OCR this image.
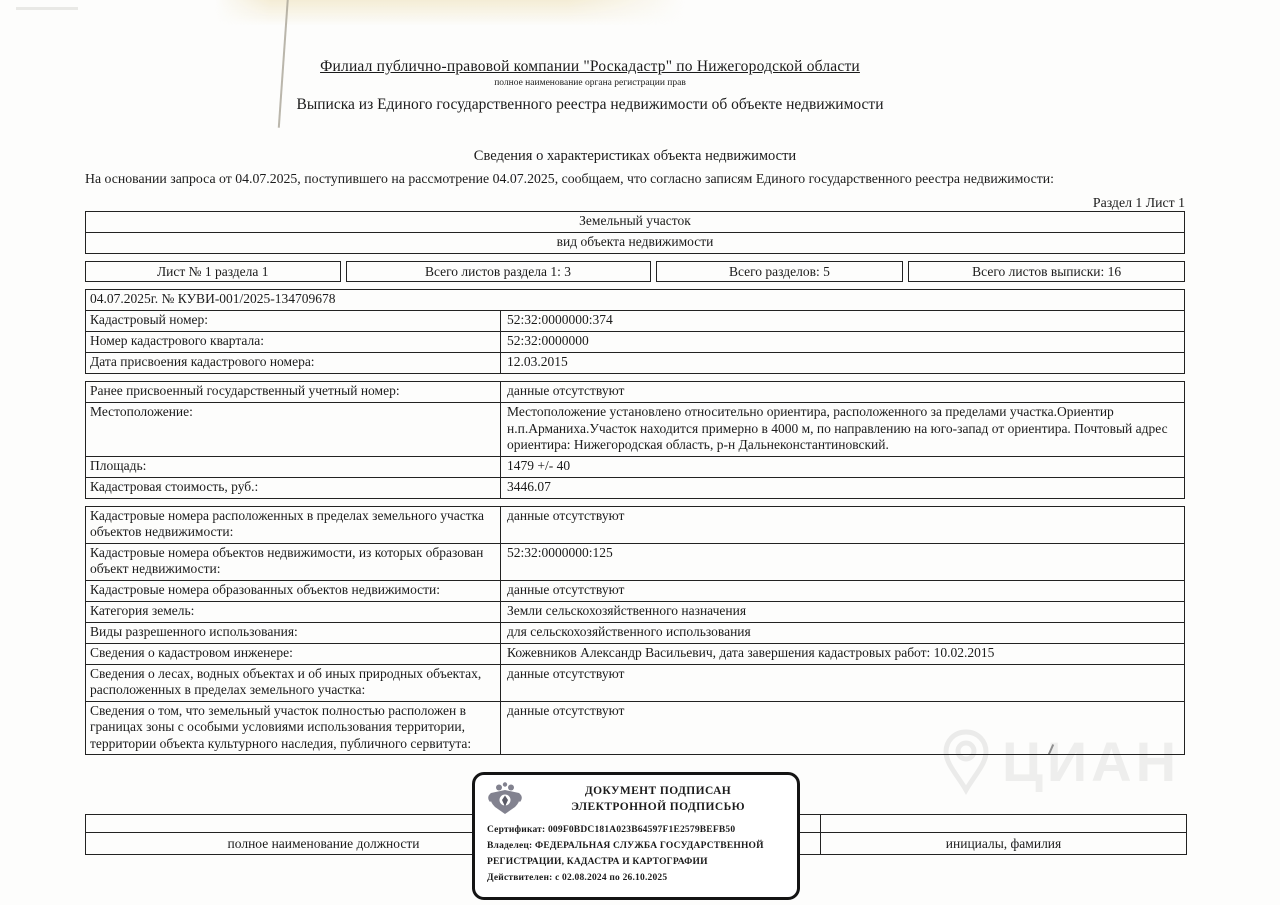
ЦИАН
Филиал публично-правовой компании "Роскадастр" по Нижегородской области
полное наименование органа регистрации прав
Выписка из Единого государственного реестра недвижимости об объекте недвижимости
Сведения о характеристиках объекта недвижимости
На основании запроса от 04.07.2025, поступившего на рассмотрение 04.07.2025, сообщаем, что согласно записям Единого государственного реестра недвижимости:
Раздел 1 Лист 1
Земельный участок
вид объекта недвижимости
Лист № 1 раздела 1	Всего листов раздела 1: 3	Всего разделов: 5	Всего листов выписки: 16
04.07.2025г. № КУВИ-001/2025-134709678
Кадастровый номер:	52:32:0000000:374
Номер кадастрового квартала:	52:32:0000000
Дата присвоения кадастрового номера:	12.03.2015
Ранее присвоенный государственный учетный номер:	данные отсутствуют
Местоположение:	Местоположение установлено относительно ориентира, расположенного за пределами участка.Ориентир н.п.Арманиха.Участок находится примерно в 4000 м, по направлению на юго-запад от ориентира. Почтовый адрес ориентира: Нижегородская область, р-н Дальнеконстантиновский.
Площадь:	1479 +/- 40
Кадастровая стоимость, руб.:	3446.07
Кадастровые номера расположенных в пределах земельного участка объектов недвижимости:
данные отсутствуют
Кадастровые номера объектов недвижимости, из которых образован объект недвижимости:
52:32:0000000:125
Кадастровые номера образованных объектов недвижимости:	данные отсутствуют
Категория земель:	Земли сельскохозяйственного назначения
Виды разрешенного использования:	для сельскохозяйственного использования
Сведения о кадастровом инженере:	Кожевников Александр Васильевич, дата завершения кадастровых работ: 10.02.2015
Сведения о лесах, водных объектах и об иных природных объектах, расположенных в пределах земельного участка:
данные отсутствуют
Сведения о том, что земельный участок полностью расположен в границах зоны с особыми условиями использования территории, территории объекта культурного наследия, публичного сервитута:
данные отсутствуют
полное наименование должности	инициалы, фамилия
ДОКУМЕНТ ПОДПИСАН
ЭЛЕКТРОННОЙ ПОДПИСЬЮ
Сертификат: 009F0BDC181A023B64597F1E2579BEFB50
Владелец: ФЕДЕРАЛЬНАЯ СЛУЖБА ГОСУДАРСТВЕННОЙ
РЕГИСТРАЦИИ, КАДАСТРА И КАРТОГРАФИИ
Действителен: с 02.08.2024 по 26.10.2025
